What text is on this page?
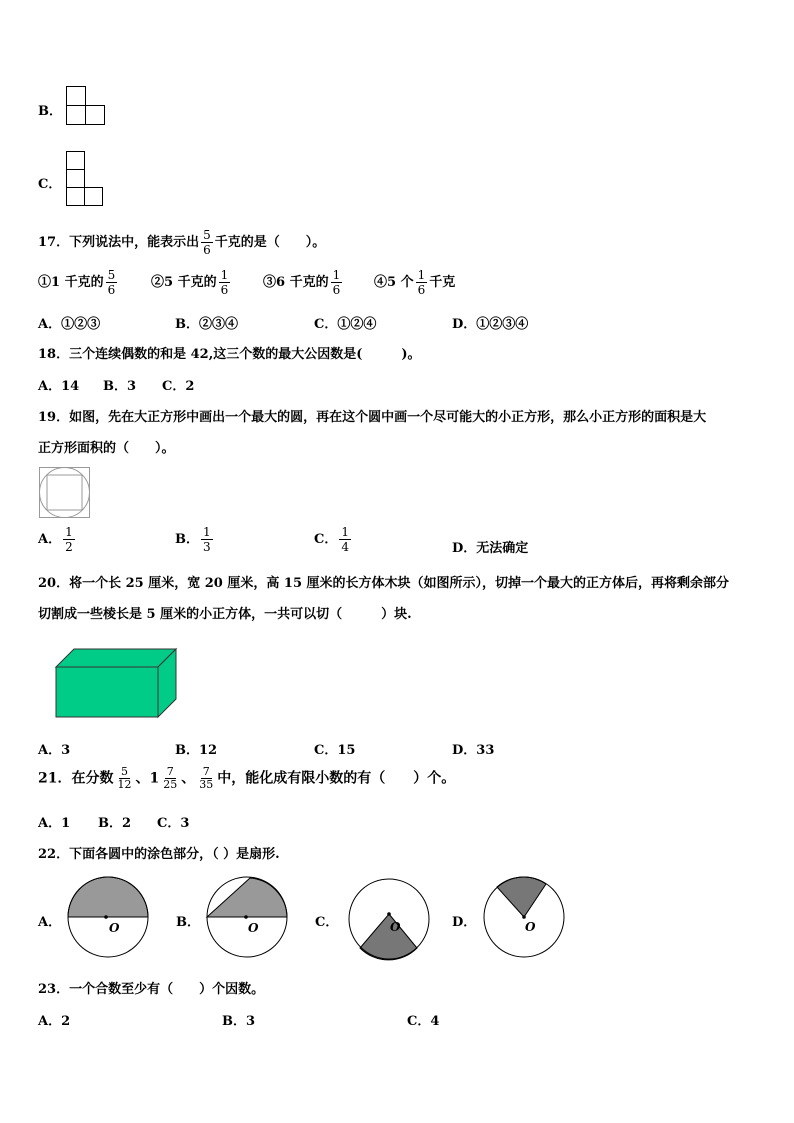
B．
C．
17．下列说法中，能表示出 $\frac{5}{6}$ 千克的是（　　）。
①1 千克的 $\frac{5}{6}$	②5 千克的 $\frac{1}{6}$	③6 千克的 $\frac{1}{6}$ ④5 个 $\frac{1}{6}$ 千克
A．①②③	B．②③④	C．①②④	D．①②③④
18．三个连续偶数的和是 42,这三个数的最大公因数是(　　　)。
A．14 B．3 C．2
19．如图，先在大正方形中画出一个最大的圆，再在这个圆中画一个尽可能大的小正方形，那么小正方形的面积是大
正方形面积的（　　）。
A． $\frac{1}{2}$	B． $\frac{1}{3}$	C． $\frac{1}{4}$	D．无法确定
20．将一个长 25 厘米，宽 20 厘米，高 15 厘米的长方体木块（如图所示），切掉一个最大的正方体后，再将剩余部分
切割成一些棱长是 5 厘米的小正方体，一共可以切（　　　）块.
A．3	B．12	C．15	D．33
21．在分数 $\frac{5}{12}$ 、$1 \frac{7}{25}$ 、 $\frac{7}{35}$ 中，能化成有限小数的有（　　）个。
A．1 B．2 C．3
22．下面各圆中的涂色部分，（ ）是扇形.
A．	O	B．	O	C．	O	D．	O
23．一个合数至少有（　　）个因数。
A．2	B．3	C．4
